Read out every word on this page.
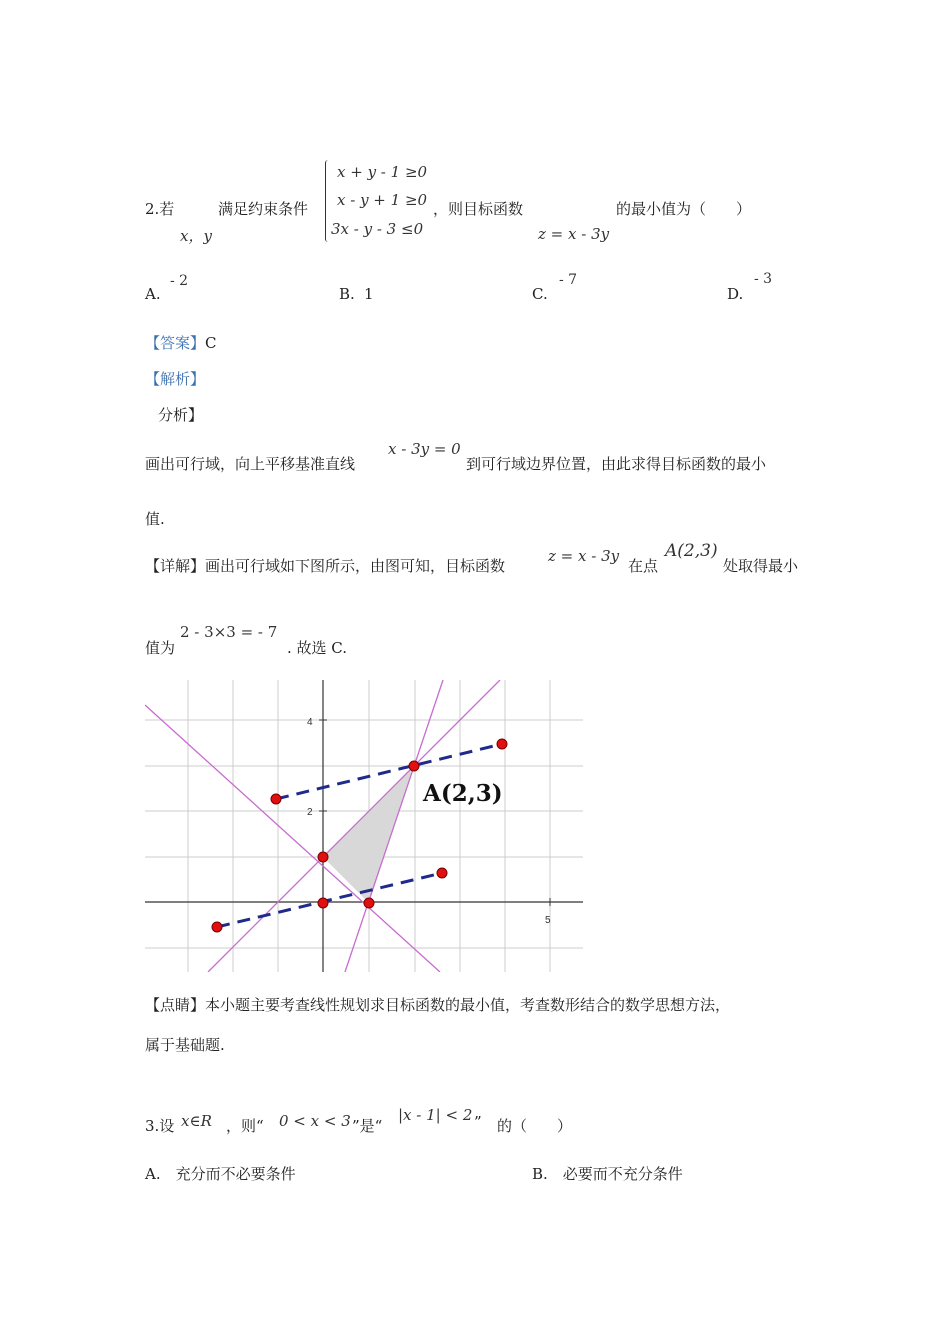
2.若
x，y
满足约束条件
x + y - 1 ≥0
x - y + 1 ≥0
3x - y - 3 ≤0
，则目标函数
z = x - 3y
的最小值为（　　）
A.
- 2
B. 1	C.
- 7
D.
- 3
【答案】C
【解析】
分析】
画出可行域，向上平移基准直线
x - 3y = 0
到可行域边界位置，由此求得目标函数的最小
值.
【详解】画出可行域如下图所示，由图可知，目标函数
z = x - 3y
在点
A(2,3)
处取得最小
值为
2 - 3×3 = - 7
. 故选 C.
4
2
5
A(2,3)
【点睛】本小题主要考查线性规划求目标函数的最小值，考查数形结合的数学思想方法，
属于基础题.
3.设 x∈R ，则“ 0 < x < 3 ”是“
|x - 1| < 2 ” 的（　　）
A.　充分而不必要条件	B.　必要而不充分条件
